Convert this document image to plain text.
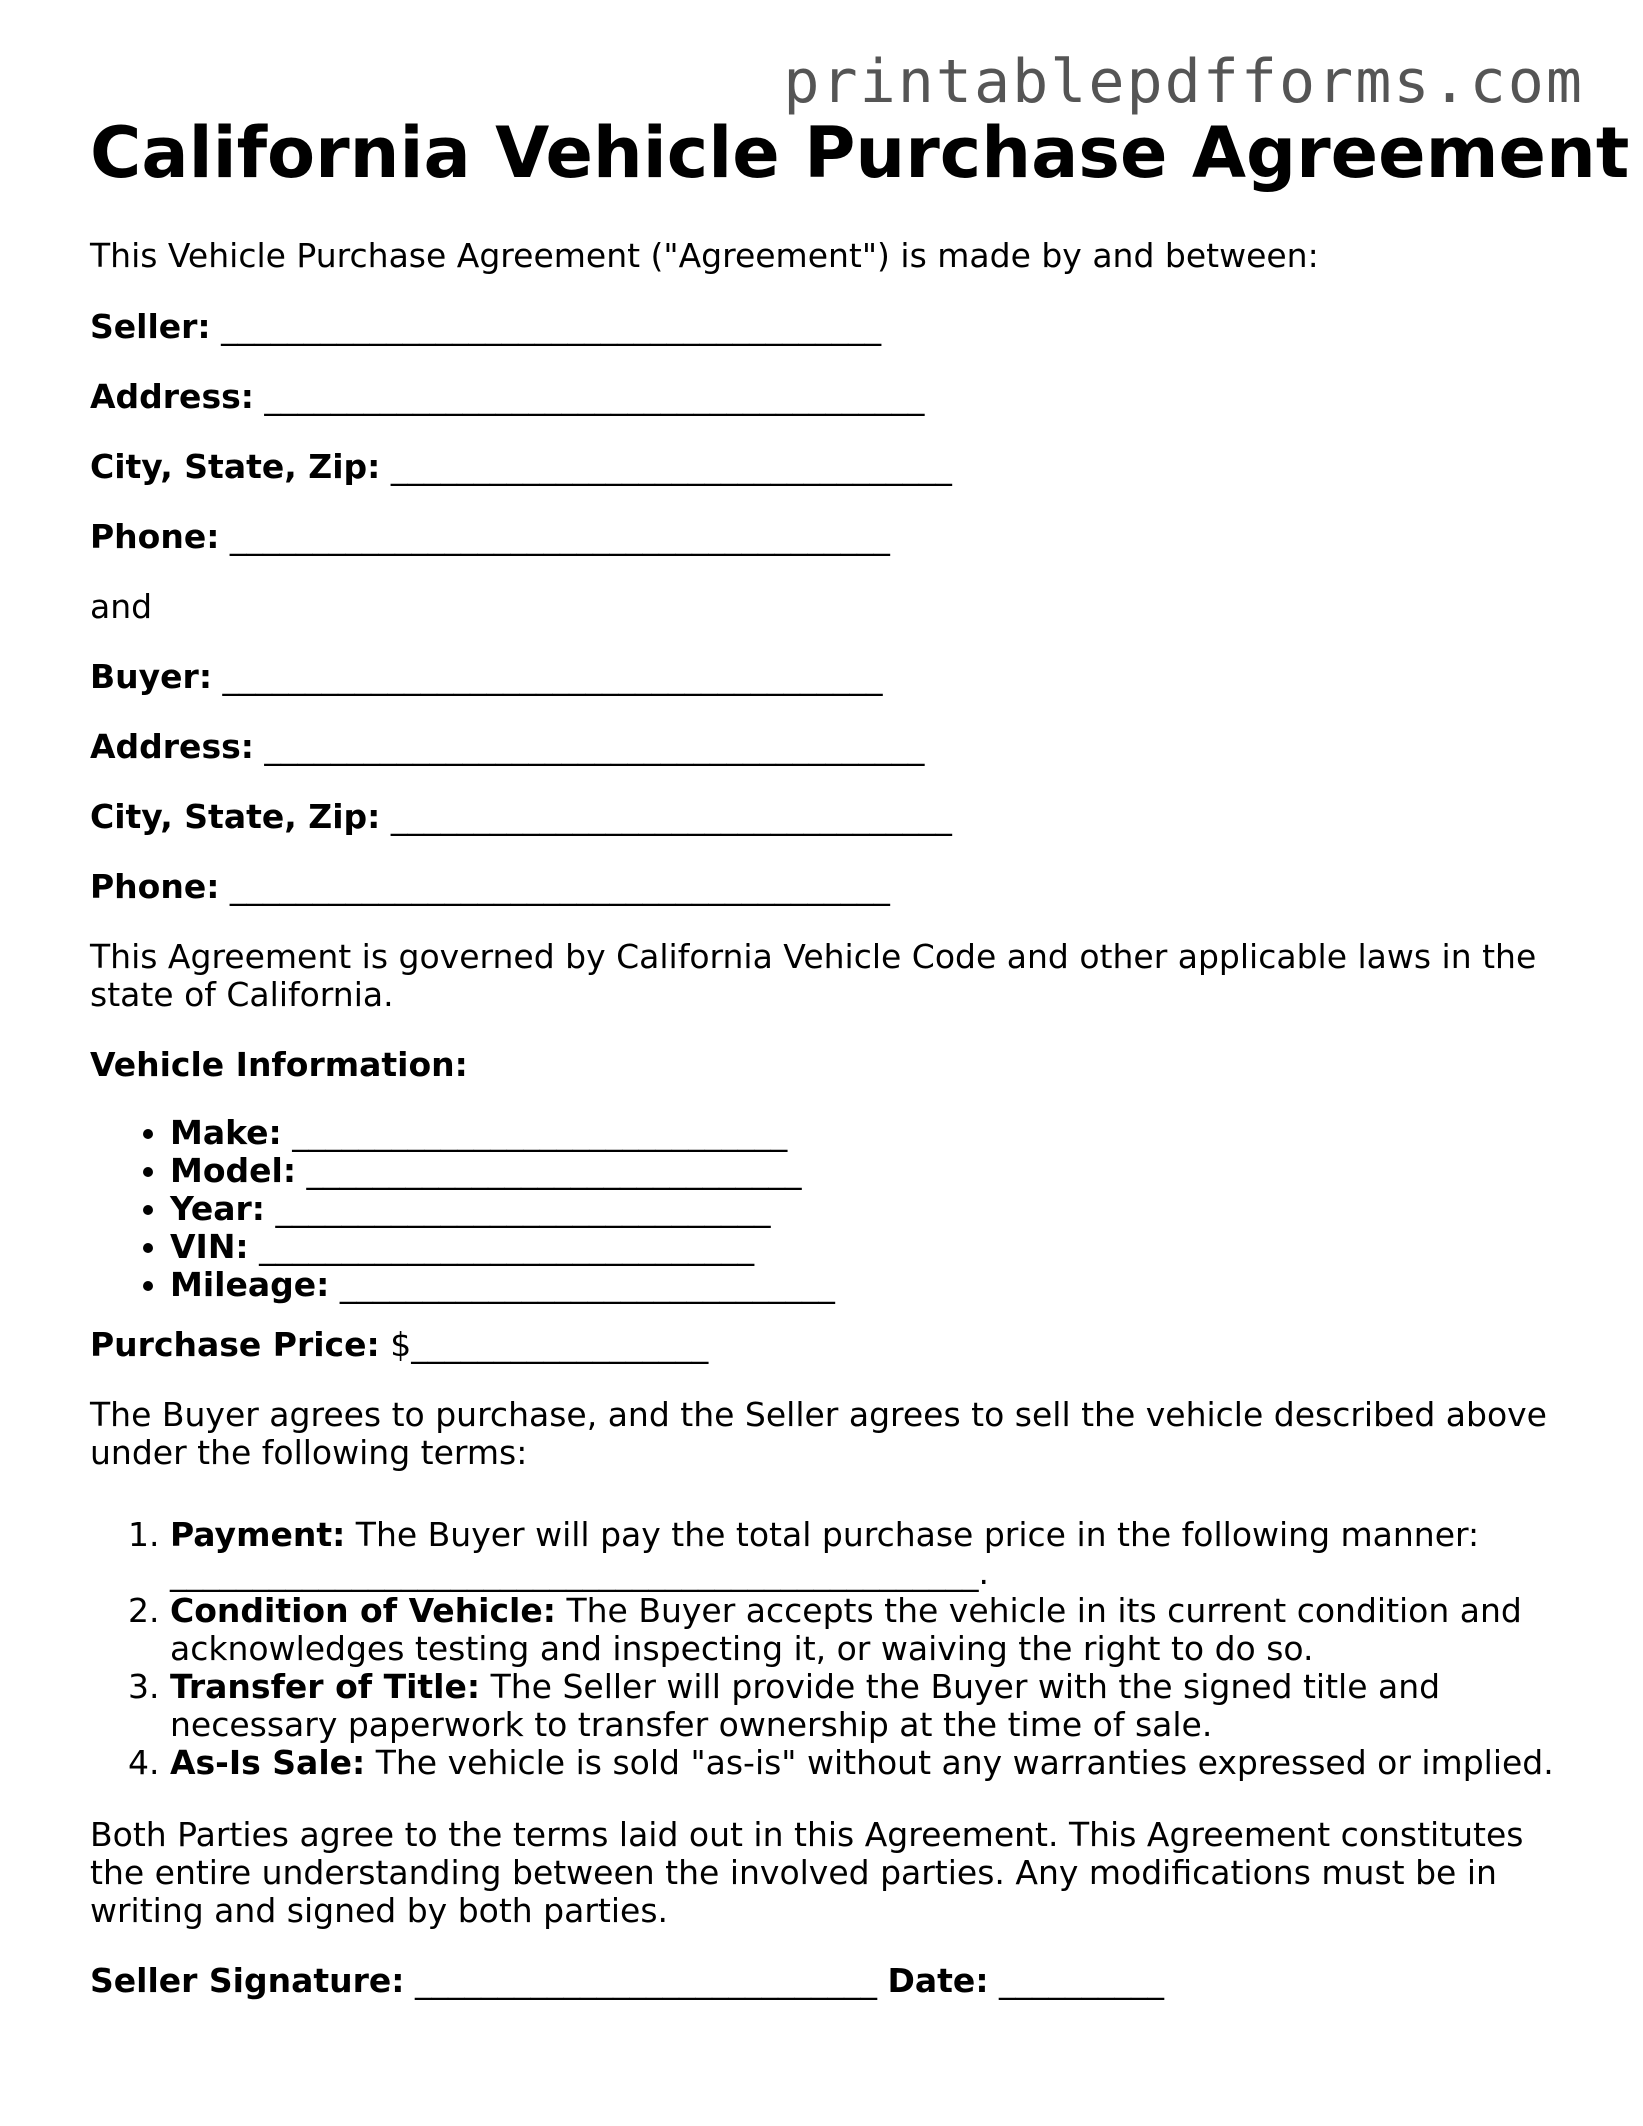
printablepdfforms.com
California Vehicle Purchase Agreement
This Vehicle Purchase Agreement ("Agreement") is made by and between:
Seller: ________________________________________
Address: ________________________________________
City, State, Zip: __________________________________
Phone: ________________________________________
and
Buyer: ________________________________________
Address: ________________________________________
City, State, Zip: __________________________________
Phone: ________________________________________
This Agreement is governed by California Vehicle Code and other applicable laws in the state of California.
Vehicle Information:
• Make: ______________________________
• Model: ______________________________
• Year: ______________________________
• VIN: ______________________________
• Mileage: ______________________________
Purchase Price: $__________________
The Buyer agrees to purchase, and the Seller agrees to sell the vehicle described above under the following terms:
1. Payment: The Buyer will pay the total purchase price in the following manner: _________________________________________________.
2. Condition of Vehicle: The Buyer accepts the vehicle in its current condition and acknowledges testing and inspecting it, or waiving the right to do so.
3. Transfer of Title: The Seller will provide the Buyer with the signed title and necessary paperwork to transfer ownership at the time of sale.
4. As-Is Sale: The vehicle is sold "as-is" without any warranties expressed or implied.
Both Parties agree to the terms laid out in this Agreement. This Agreement constitutes the entire understanding between the involved parties. Any modifications must be in writing and signed by both parties.
Seller Signature: ____________________________ Date: __________
